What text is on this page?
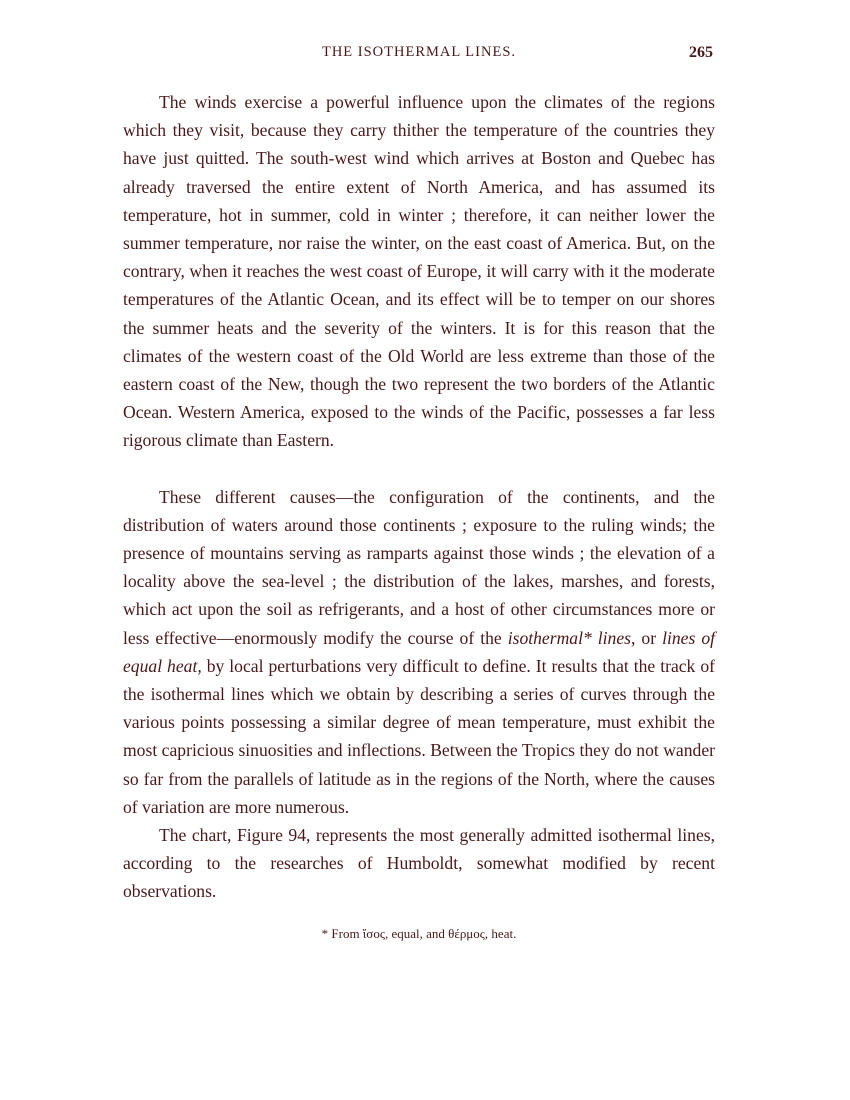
THE ISOTHERMAL LINES.	265

The winds exercise a powerful influence upon the climates of the regions which they visit, because they carry thither the temperature of the countries they have just quitted. The south-west wind which arrives at Boston and Quebec has already traversed the entire extent of North America, and has assumed its temperature, hot in summer, cold in winter ; therefore, it can neither lower the summer temperature, nor raise the winter, on the east coast of America. But, on the contrary, when it reaches the west coast of Europe, it will carry with it the moderate temperatures of the Atlantic Ocean, and its effect will be to temper on our shores the summer heats and the severity of the winters. It is for this reason that the climates of the western coast of the Old World are less extreme than those of the eastern coast of the New, though the two represent the two borders of the Atlantic Ocean. Western America, exposed to the winds of the Pacific, possesses a far less rigorous climate than Eastern.

These different causes—the configuration of the continents, and the distribution of waters around those continents ; exposure to the ruling winds; the presence of mountains serving as ramparts against those winds ; the elevation of a locality above the sea-level ; the distribution of the lakes, marshes, and forests, which act upon the soil as refrigerants, and a host of other circumstances more or less effective—enormously modify the course of the isothermal* lines, or lines of equal heat, by local perturbations very difficult to define. It results that the track of the isothermal lines which we obtain by describing a series of curves through the various points possessing a similar degree of mean temperature, must exhibit the most capricious sinuosities and inflections. Between the Tropics they do not wander so far from the parallels of latitude as in the regions of the North, where the causes of variation are more numerous.

The chart, Figure 94, represents the most generally admitted isothermal lines, according to the researches of Humboldt, somewhat modified by recent observations.

* From ἴσος, equal, and θέρμος, heat.
